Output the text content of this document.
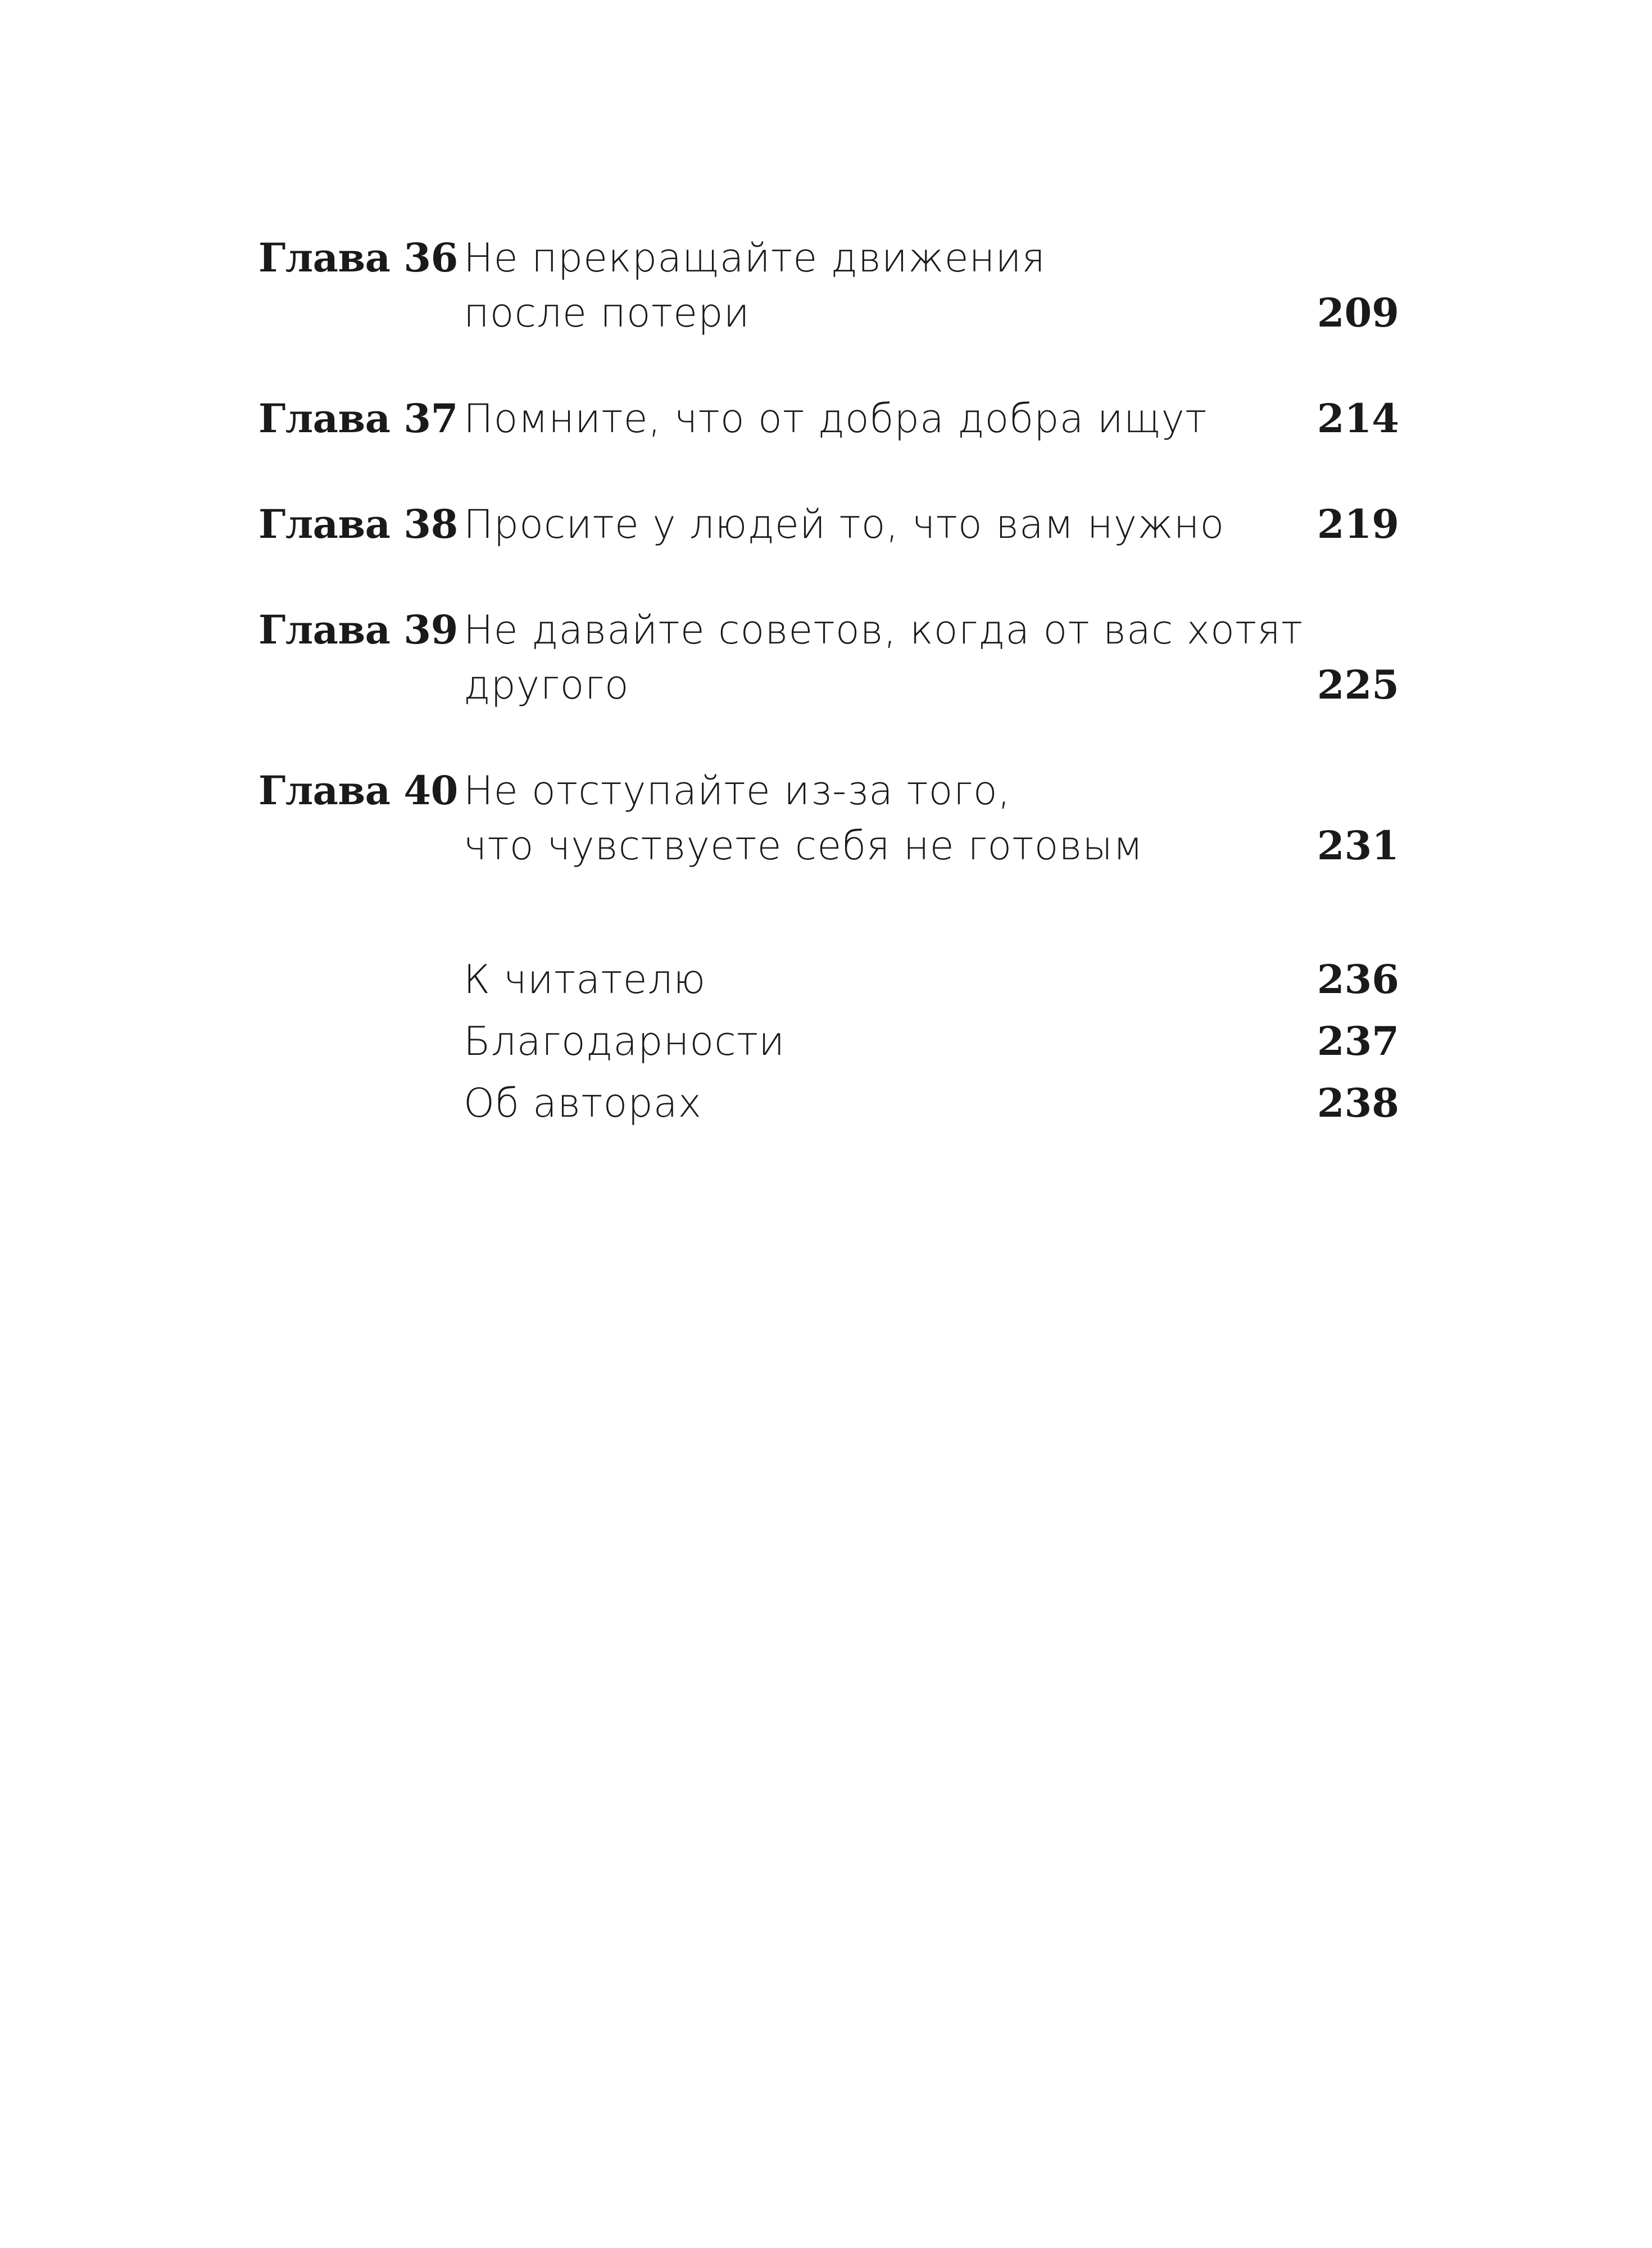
Глава 36 Не прекращайте движения
после потери	209
Глава 37 Помните, что от добра добра ищут	214
Глава 38 Просите у людей то, что вам нужно	219
Глава 39 Не давайте советов, когда от вас хотят
другого	225
Глава 40 Не отступайте из-за того,
что чувствуете себя не готовым	231
К читателю	236
Благодарности	237
Об авторах	238
